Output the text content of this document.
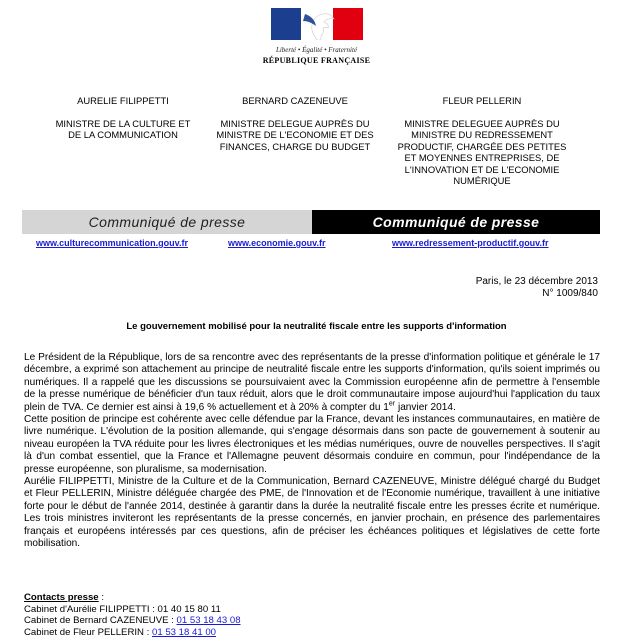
Liberté • Égalité • Fraternité
RÉPUBLIQUE FRANÇAISE
AURELIE FILIPPETTI
MINISTRE DE LA CULTURE ET DE LA COMMUNICATION
BERNARD CAZENEUVE
MINISTRE DELEGUE AUPRÈS DU MINISTRE DE L'ECONOMIE ET DES FINANCES, CHARGE DU BUDGET
FLEUR PELLERIN
MINISTRE DELEGUEE AUPRÈS DU MINISTRE DU REDRESSEMENT PRODUCTIF, CHARGÉE DES PETITES ET MOYENNES ENTREPRISES, DE L'INNOVATION ET DE L'ECONOMIE NUMÉRIQUE
Communiqué de presse	Communiqué de presse
www.culturecommunication.gouv.fr	www.economie.gouv.fr	www.redressement-productif.gouv.fr
Paris, le 23 décembre 2013
N° 1009/840
Le gouvernement mobilisé pour la neutralité fiscale entre les supports d'information

Le Président de la République, lors de sa rencontre avec des représentants de la presse d'information politique et générale le 17 décembre, a exprimé son attachement au principe de neutralité fiscale entre les supports d'information, qu'ils soient imprimés ou numériques. Il a rappelé que les discussions se poursuivaient avec la Commission européenne afin de permettre à l'ensemble de la presse numérique de bénéficier d'un taux réduit, alors que le droit communautaire impose aujourd'hui l'application du taux plein de TVA. Ce dernier est ainsi à 19,6 % actuellement et à 20% à compter du 1er janvier 2014.

Cette position de principe est cohérente avec celle défendue par la France, devant les instances communautaires, en matière de livre numérique. L'évolution de la position allemande, qui s'engage désormais dans son pacte de gouvernement à soutenir au niveau européen la TVA réduite pour les livres électroniques et les médias numériques, ouvre de nouvelles perspectives. Il s'agit là d'un combat essentiel, que la France et l'Allemagne peuvent désormais conduire en commun, pour l'indépendance de la presse européenne, son pluralisme, sa modernisation.

Aurélie FILIPPETTI, Ministre de la Culture et de la Communication, Bernard CAZENEUVE, Ministre délégué chargé du Budget et Fleur PELLERIN, Ministre déléguée chargée des PME, de l'Innovation et de l'Economie numérique, travaillent à une initiative forte pour le début de l'année 2014, destinée à garantir dans la durée la neutralité fiscale entre les presses écrite et numérique. Les trois ministres inviteront les représentants de la presse concernés, en janvier prochain, en présence des parlementaires français et européens intéressés par ces questions, afin de préciser les échéances politiques et législatives de cette forte mobilisation.

Contacts presse :
Cabinet d'Aurélie FILIPPETTI : 01 40 15 80 11
Cabinet de Bernard CAZENEUVE : 01 53 18 43 08
Cabinet de Fleur PELLERIN : 01 53 18 41 00
